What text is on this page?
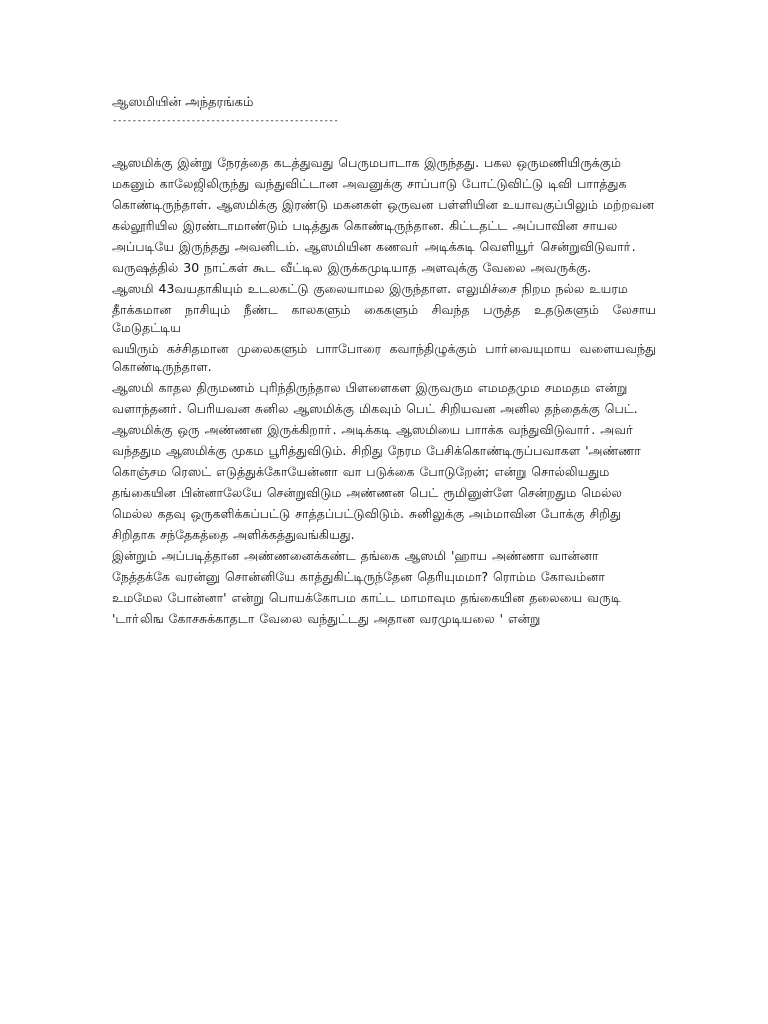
ஆஸமியின் அந்தரங்கம்
----------------------------------------------

ஆஸமிக்கு இன்று நேரத்தை கடத்துவது பெருமபாடாக இருந்தது. பகல ஒருமணியிருக்கும்

மகனும் காலேஜிலிருந்து வந்துவிட்டான அவனுக்கு சாப்பாடு போட்டுவிட்டு டிவி பாாத்துக

கொண்டிருந்தாள். ஆஸமிக்கு இரண்டு மகனகள் ஒருவன பள்ளியின உயாவகுப்பிலும் மற்றவன

கல்லூரியில இரண்டாமாண்டும் படித்துக கொண்டிருந்தான. கிட்டதட்ட அப்பாவின சாயல

அப்படியே இருந்தது அவனிடம். ஆஸமியின கணவா் அடிக்கடி வெளியூா் சென்றுவிடுவாா்.

வருஷத்தில் 30 நாட்கள் கூட வீட்டில இருக்கமுடியாத அளவுக்கு வேலை அவருக்கு.

ஆஸமி 43வயதாகியும் உடலகட்டு குலையாமல இருந்தாள. எலுமிச்சை நிறம நல்ல உயரம

தீாக்கமான நாசியும் நீண்ட காலகளும் கைகளும் சிவந்த பருத்த உதடுகளும் லேசாய மேடுதட்டிய

வயிரும் கச்சிதமான முலைகளும் பாாபோரை கவாந்திழுக்கும் பாா்வையுமாய வளையவந்து கொண்டிருந்தாள.

ஆஸமி காதல திருமணம் புரிந்திருந்தால பிளளைகள இருவரும எமமதமும சமமதம என்று

வளாந்தனா். பெரியவன சுனில ஆஸமிக்கு மிகவும் பெட் சிறியவன அனில தந்தைக்கு பெட்.

ஆஸமிக்கு ஒரு அண்ணன இருக்கிறாா். அடிக்கடி ஆஸமியை பாாக்க வந்துவிடுவாா். அவா்

வந்ததும ஆஸமிக்கு முகம பூரித்துவிடும். சிறிது நேரம பேசிக்கொண்டிருப்பவாகள 'அண்ணா

கொஞ்சம ரெஸட் எடுத்துக்கோயேன்னா வா படுக்கை போடுறேன்; என்று சொல்லியதும

தங்கையின பின்னாலேயே சென்றுவிடும அண்ணன பெட் ரூமினுள்ளே சென்றதும மெல்ல

மெல்ல கதவு ஒருகளிக்கப்பட்டு சாத்தப்பட்டுவிடும். சுனிலுக்கு அம்மாவின போக்கு சிறிது

சிறிதாக சந்தேகத்தை அளிக்கத்துவங்கியது.

இன்றும் அப்படித்தான அண்ணனைக்கண்ட தங்கை ஆஸமி 'ஹாய அண்ணா வான்னா

நேத்தக்கே வரன்னு சொன்னியே காத்துகிட்டிருந்தேன தெரியுமமா? ரொம்ம கோவம்னா

உமமேல போன்னா' என்று பொயக்கோபம காட்ட மாமாவும தங்கையின தலையை வருடி

'டாா்லிங கோசசுக்காதடா வேலை வந்துட்டது அதான வரமுடியலை ' என்று
